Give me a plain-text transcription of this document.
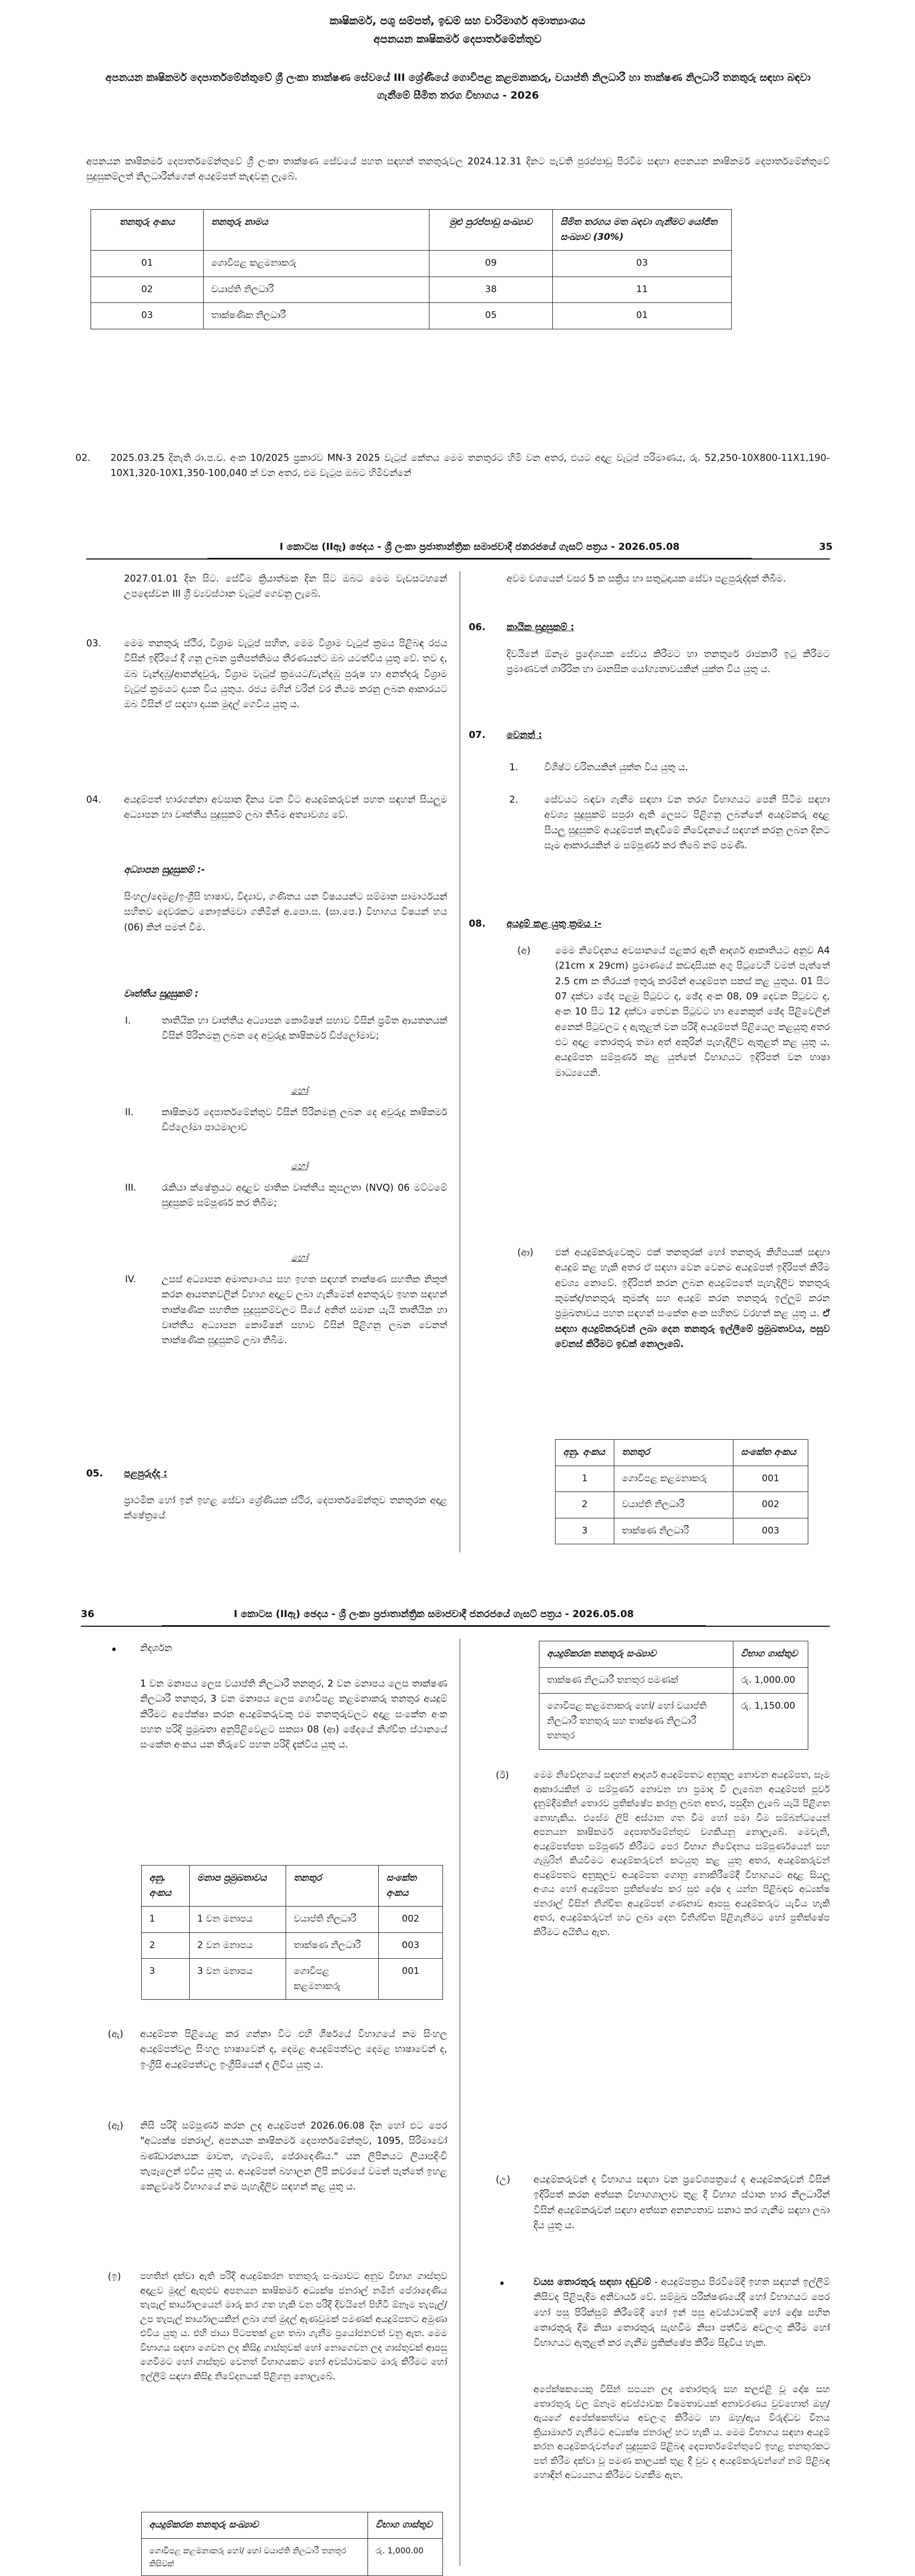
කෘෂිකර්ම, පශු සම්පත්, ඉඩම් සහ වාරිමාර්ග අමාත්‍යාංශය
අපනයන කෘෂිකර්ම දෙපාර්තමේන්තුව
අපනයන කෘෂිකර්ම දෙපාර්තමේන්තුවේ ශ්‍රී ලංකා තාක්ෂණ සේවයේ III ශ්‍රේණියේ ගොවිපළ කළමනාකරු, වයාප්ති නිලධාරී හා තාක්ෂණ නිලධාරී තනතුරු සඳහා බඳවා ගැනීමේ සීමිත තරග විභාගය - 2026
අපනයන කෘෂිකර්ම දෙපාර්තමේන්තුවේ ශ්‍රී ලංකා තාක්ෂණ සේවයේ පහත සඳහන් තනතුරුවල 2024.12.31 දිනට පැවති පුරප්පාඩු පිරවීම සඳහා අපනයන කෘෂිකර්ම දෙපාර්තමේන්තුවේ සුදුසුකම්ලත් නිලධාරීන්ගෙන් අයදුම්පත් කැඳවනු ලැබේ.
තනතුරු අංකය	තනතුරු නාමය	මුළු පුරප්පාඩු සංඛ්‍යාව	සීමිත තරගය මත බඳවා ගැනීමට යෝජිත සංඛ්‍යාව (30%)
01	ගොවිපළ කළමනාකරු	09	03
02	වයාප්ති නිලධාරී	38	11
03	තාක්ෂණික නිලධාරී	05	01
02. 2025.03.25 දිනැති රා.ප.ච. අංක 10/2025 ප්‍රකාරව MN-3 2025 වැටුප් කේතය මෙම තනතුරට හිමි වන අතර, එයට අදාළ වැටුප් පරිමාණය, රු. 52,250-10X800-11X1,190-10X1,320-10X1,350-100,040 ක් වන අතර, එම වැටුප ඔබට හිමිවන්නේ
I කොටස (IIඇ) ඡෙදය - ශ්‍රී ලංකා ප්‍රජාතාන්ත්‍රික සමාජවාදී ජනරජයේ ගැසට් පත්‍රය - 2026.05.08	35
2027.01.01 දින සිට. සේවීම ක්‍රියාත්මක දින සිට ඔබට මෙම වැඩසටහනේ උපදෙස්වන III ශ්‍රී ව්‍යවස්ථාන වැටුප් ගෙවනු ලැබේ.
03. මෙම තනතුරු ස්ථිර, විශ්‍රාම වැටුප් සහිත, මෙම විශ්‍රාම වැටුප් ක්‍රමය පිළිබඳ රජය විසින් ඉදිරියේ දී ගනු ලබන ප්‍රතිපත්තිමය තීරණයන්ට ඔබ යටත්විය යුතු වේ. තව ද, ඔබ වැන්දඹු/ආනන්දවුරු, විශ්‍රාම වැටුප් ක්‍රමයට/වැන්දඹු පුරුෂ හා අනත්දරු විශ්‍රාම වැටුප් ක්‍රමයට දායක විය යුතුය. රජය මගින් වරින් වර නියම කරනු ලබන ආකාරයට ඔබ විසින් ඒ සඳහා දායක මුදල් ගෙවිය යුතු ය.
04. අයදුම්පත් භාරගන්නා අවසාන දිනය වන විට අයදුම්කරුවන් පහත සඳහන් සියලුම අධ්‍යාපන හා වෘත්තීය සුදුසුකම් ලබා තිබීම අත්‍යාවශ්‍ය වේ.
අධ්‍යාපන සුදුසුකම් :-
සිංහල/දෙමළ/ඉංග්‍රීසි භාෂාව, විද්‍යාව, ගණිතය යන විෂයයන්ට සම්මාන සාමාර්ථයන් සහිතව දෙවරකට නොඉක්මවා ගනිමින් අ.පො.ස. (සා.පෙ.) විභාගය විෂයන් හය (06) කින් සමත් වීම.
වෘත්තීය සුදුසුකම් :
I.	තෘතීයික හා වෘත්තීය අධ්‍යාපන කොමිෂන් සභාව විසින් ප්‍රමිත ආයතනයක් විසින් පිරිනමනු ලබන දෙ අවුරුදු කෘෂිකර්ම ඩිප්ලෝමාව;
හෝ
II.	කෘෂිකර්ම දෙපාර්තමේන්තුව විසින් පිරිනමනු ලබන දෙ අවුරුදු කෘෂිකර්ම ඩිප්ලෝමා පාඨමාලාව
හෝ
III.	රැකියා ක්ෂේත්‍රයට අදාළව ජාතික වෘත්තීය කුසලතා (NVQ) 06 මට්ටමේ සුදුසුකම් සම්පූර්ණ කර තිබීම;
හෝ
IV.	උසස් අධ්‍යාපන අමාත්‍යාංශය සහ ඉහත සඳහන් තාක්ෂණ සහතික නිකුත් කරන ආයතනවලින් විභාග අදාළව ලබා ගැනීමෙන් අනතුරුව ඉහත සඳහන් තාක්ෂණික සහතික සුදුසුකම්වලට සීයේ අනිත් සමාන යැයි තෘතීයික හා වෘත්තීය අධ්‍යාපන කොමිෂන් සභාව විසින් පිළිගනු ලබන වෙනත් තාක්ෂණික සුදුසුකම් ලබා තිබීම.
05. පළපුරුද්ද :
ප්‍රාථමික හෝ ඉන් ඉහළ සේවා ශ්‍රේණියක ස්ථිර, දෙපාර්තමේන්තුව තනතුරක අදාළ ක්ෂේත්‍රයේ
අවම වශයෙන් වසර 5 ක සක්‍රිය හා සතුටුදායක සේවා පළපුරුද්දක් තිබීම.
06. කායික සුදුසුකම් :
දිවයිනේ ඕනෑම ප්‍රදේශයක සේවය කිරීමට හා තනතුරේ රාජකාරී ඉටු කිරීමට ප්‍රමාණවත් ශාරීරික හා මානසික යෝග්‍යතාවයකින් යුක්ත විය යුතු ය.
07. වෙනත් :
1.	විශිෂ්ට චරිතයකින් යුක්ත විය යුතු ය.
2.	සේවයට බඳවා ගැනීම සඳහා වන තරග විභාගයට පෙනී සිටීම සඳහා අවශ්‍ය සුදුසුකම් සපුරා ඇති ලෙසට පිළිගනු ලබන්නේ අයදුම්කරු අදාළ සියලු සුදුසුකම් අයදුම්පත් කැඳවීමේ නිවේදනයේ සඳහන් කරනු ලබන දිනට සෑම ආකාරයකින් ම සම්පූර්ණ කර තිබේ නම් පමණි.
08. අයදුම් කළ යුතු ක්‍රමය :-
(අ)	මෙම නිවේදනය අවසානයේ පළකර ඇති ආදර්ශ ආකෘතියට අනුව A4 (21cm x 29cm) ප්‍රමාණයේ කඩදාසියක අගු පිටුවෙහි වමත් පැත්තේ 2.5 cm ක තීරයක් ඉතුරු කරමින් අයදුම්පත සකස් කළ යුතුය. 01 සිට 07 දක්වා ඡේද පළමු පිටුවට ද, ඡේද අංක 08, 09 දෙවන පිටුවට ද, අංක 10 සිට 12 දක්වා තෙවන පිටුවට හා අනෙකුත් ඡේද පිළිවෙලින් අනෙක් පිටුවලට ද ඇතුළත් වන පරිදි අයදුම්පත් පිළියෙල කළයුතු අතර එට අදාළ තොරතුරු තමා අත් අකුරින් පැහැදිලිව ඇතුළත් කළ යුතු ය. අයදුම්පත සම්පූර්ණ කළ යුත්තේ විභාගයට ඉදිරිපත් වන භාෂා මාධ්‍යයෙනි.
(ආ) එක් අයදුම්කරුවෙකුට එක් තනතුරක් හෝ තනතුරු කිහිපයක් සඳහා අයදුම් කළ හැකි අතර ඒ සඳහා වෙන වෙනම අයදුම්පත් ඉදිරිපත් කිරීම අවශ්‍ය නොවේ. ඉදිරිපත් කරන ලබන අයදුම්පතේ පැහැදිලිව තනතුරු කුමක්ද/තනතුරු කුමක්ද සහ අයදුම් කරන තනතුරු ඉල්ලුම් කරන ප්‍රමුඛතාවය පහත සඳහන් සංකේත අංක සහිතව වරහන් කළ යුතු ය. ඒ සඳහා අයදුම්කරුවන් ලබා දෙන තනතුරු ඉල්ලීමේ ප්‍රමුඛතාවය, පසුව වෙනස් කිරීමට ඉඩක් නොලැබේ.
අනු. අංකය	තනතුර	සංකේත අංකය
1	ගොවිපළ කළමනාකරු	001
2	වයාප්ති නිලධාරී	002
3	තාක්ෂණ නිලධාරී	003
36	I කොටස (IIඇ) ඡෙදය - ශ්‍රී ලංකා ප්‍රජාතාන්ත්‍රික සමාජවාදී ජනරජයේ ගැසට් පත්‍රය - 2026.05.08
• නිදර්ශන
1 වන මනාපය ලෙස වයාප්ති නිලධාරී තනතුර, 2 වන මනාපය ලෙස තාක්ෂණ නිලධාරී තනතුර, 3 වන මනාපය ලෙස ගොවිපළ කළමනාකරු තනතුර අයදුම් කිරීමට අපේක්ෂා කරන අයදුම්කරුවකු එම තනතුරුවලට අදාළ සංකේත අංක පහත පරිදි ප්‍රමුඛතා අනුපිළිවෙළට සකසා 08 (ආ) ඡේදයේ නිශ්චිත ස්ථානයේ සංකේත අංකය යන තීරුවේ පහත පරිදි දැක්විය යුතු ය.
අනු. අංකය	මනාප ප්‍රමුඛතාවය	තනතුර	සංකේත අංකය
1	1 වන මනාපය	වයාප්ති නිලධාරී	002
2	2 වන මනාපය	තාක්ෂණ නිලධාරී	003
3	3 වන මනාපය	ගොවිපළ කළමනාකරු	001
(ඇ) අයදුම්පත පිළියෙළ කර ගන්නා විට එහි ශීර්ෂයේ විභාගයේ නම සිංහල අයදුම්පත්වල සිංහල භාෂාවෙන් ද, දෙමළ අයදුම්පත්වල දෙමළ භාෂාවෙන් ද, ඉංග්‍රීසි අයදුම්පත්වල ඉංග්‍රීසියෙන් ද ලිවිය යුතු ය.
(ඈ) නිසි පරිදි සම්පූර්ණ කරන ලද අයදුම්පත් 2026.06.08 දින හෝ එට පෙර "අධ්‍යක්ෂ ජනරාල්, අපනයන කෘෂිකර්ම දෙපාර්තමේන්තුව, 1095, සිරිමාවෝ බණ්ඩාරනායක මාවත, ගැටඹේ, පේරාදෙණිය." යන ලිපිනයට ලියාපදිංචි තැපෑලෙන් එවිය යුතු ය. අයදුම්පත් බහාලන ලිපි කවරයේ වමත් පැත්තේ ඉහළ කෙළවරේ විභාගයේ නම පැහැදිලිව සඳහන් කළ යුතු ය.
(ඉ) පහතින් දක්වා ඇති පරිදි අයදුම්කරන තනතුරු සංඛ්‍යාවට අනුව විභාග ගාස්තුව අදාළව මුදල් ඇතුළුව අපනයන කෘෂිකර්ම අධ්‍යක්ෂ ජනරාල් නමින් පේරාදෙණිය තැපැල් කාර්යාලයෙන් මාරු කර ගත හැකි වන පරිදි දිවයිනේ පිහිටි ඕනෑම තැපැල්/උප තැපැල් කාර්යාලයකින් ලබා ගත් මුදල් ඇණවුමක් පමණක් අයදුම්පතට අමුණා එවිය යුතු ය. එහි ජායා පිටපතක් ළඟ තබා ගැනීම ප්‍රයෝජනවත් වනු ඇත. මෙම විභාගය සඳහා ගෙවන ලද කිසිදු ගාස්තුවක් හෝ නොගෙවන ලද ගාස්තුවක් ආපසු ගෙවීමට හෝ ගාස්තුව වෙනත් විභාගයකට හෝ අවස්ථාවකට මාරු කිරීමට හෝ ඉල්ලීම් සඳහා කිසිදු නිවේදනයක් පිළිගනු නොලැබේ.
අයදුම්කරන තනතුරු සංඛ්‍යාව	විභාග ගාස්තුව
ගොවිපළ කළමනාකරු හෝ/ හෝ වයාප්ති නිලධාරී තනතුර කිසිවක්	රු. 1,000.00
අයදුම්කරන තනතුරු සංඛ්‍යාව	විභාග ගාස්තුව
තාක්ෂණ නිලධාරී තනතුර පමණක්	රු. 1,000.00
ගොවිපළ කළමනාකරු හෝ/ හෝ වයාප්ති නිලධාරී තනතුරු සහ තාක්ෂණ නිලධාරී තනතුර	රු. 1,150.00
(ඊ)	මෙම නිවේදනයේ සඳහන් ආදර්ශ අයදුම්පතට අනුකූල නොවන අයදුම්පත, සෑම ආකාරයකින් ම සම්පූර්ණ නොවන හා ප්‍රමාද වී ලැබෙන අයදුම්පත් පූර්ව දැනුම්දීමකින් තොරව ප්‍රතික්ෂේප කරනු ලබන අතර, පසුදින ලැබේ යැයි පිළිගත නොහැකිය. එසේම ලිපි අස්ථාන ගත වීම හෝ පමා වීම සම්බන්ධයෙන් අපනයන කෘෂිකර්ම දෙපාර්තමේන්තුව වගකියනු නොලැබේ. මෙවැනි, අයදුම්පත්පත සම්පූර්ණ කිරීමට පෙර විභාග නිවේදනය සම්පූර්ණයෙන් සහ ගැඹුරින් කියවීමට අයදුම්කරුවන් කටයුතු කළ යුතු අතර, අයදුම්කරුවන් අයදුම්පතට අනුකූලව අයදුම්පත ගොනු නොකිරීමේදී විභාගයට අදාළ සියලු අංශය හෝ අයදුම්පත ප්‍රතික්ෂේප කර සුළු දෝෂ ද යන්න පිළිබඳව අධ්‍යක්ෂ ජනරාල් විසින් නිශ්චිත අයදුම්පත් ගණනාව ආපසු අයදුම්කරුට යැවිය හැකි අතර, අයදුම්කරුවන් හට ලබා දෙන විනිශ්චිත පිළිගැනීමට හෝ ප්‍රතික්ෂේප කිරීමට අයිතිය ඇත.
(උ) අයදුම්කරුවන් ද විභාගය සඳහා වන ප්‍රවේශපත්‍රයේ ද අයදුම්කරුවන් විසින් ඉදිරිපත් කරන අත්සන විභාගශාලාව තුළ දී විභාග ස්ථාන භාර නිලධාරීන් විසින් අයදුම්කරුවන් සඳහා අත්සන අනන්‍යතාව සනාථ කර ගැනීම සඳහා ලබා දිය යුතු ය.
•	වයස තොරතුරු සඳහා දඬුවම් - අයදුම්පත්‍රය පිරවීමේදී ඉහත සඳහන් ඉල්ලීම් නිසිවද පිළිපැදීම අනිවාර්ය වේ. සම්මුඛ පරීක්ෂණයේදී හෝ විභාගයට පෙර හෝ පසු පිරික්සුම් කිරීමේදී හෝ ඉන් පසු අවස්ථාවකදී හෝ දෝෂ සහිත තොරතුරු දීම නිසා තොරතුරු සැඟවීම නිසා පත්වීම අවලංගු කිරීම හෝ විභාගයට ඇතුළත් කර ගැනීම ප්‍රතික්ෂේප කිරීම සිදුවිය හැක.
අපේක්ෂකයෙකු විසින් සපයන ලද තොරතුරු සහ කලඑළි වූ දෝෂ සහ තොරතුරු වල ඕනෑම අවස්ථාවක විෂමතාවයක් අනාවරණය වුවහොත් ඔහු/ඇයගේ අපේක්ෂකත්වය අවලංගු කිරීමට හා ඔහු/ඇය විරුද්ධව විනය ක්‍රියාමාර්ග ගැනීමට අධ්‍යක්ෂ ජනරාල් හට හැකි ය. මෙම විභාගය සඳහා අයදුම් කරන අයදුම්කරුවන්ගේ සුදුසුකම් පිළිබඳ දෙපාර්තමේන්තුවේ ඉහළ තනතුරකට පත් කිරීම දක්වා වූ පමණ කාලයක් තුළ දී වුව ද අයදුම්කරුවන්ගේ නම් පිළිබඳ හොඳින් අධ්‍යයනය කිරීමට වගකීම ඇත.
